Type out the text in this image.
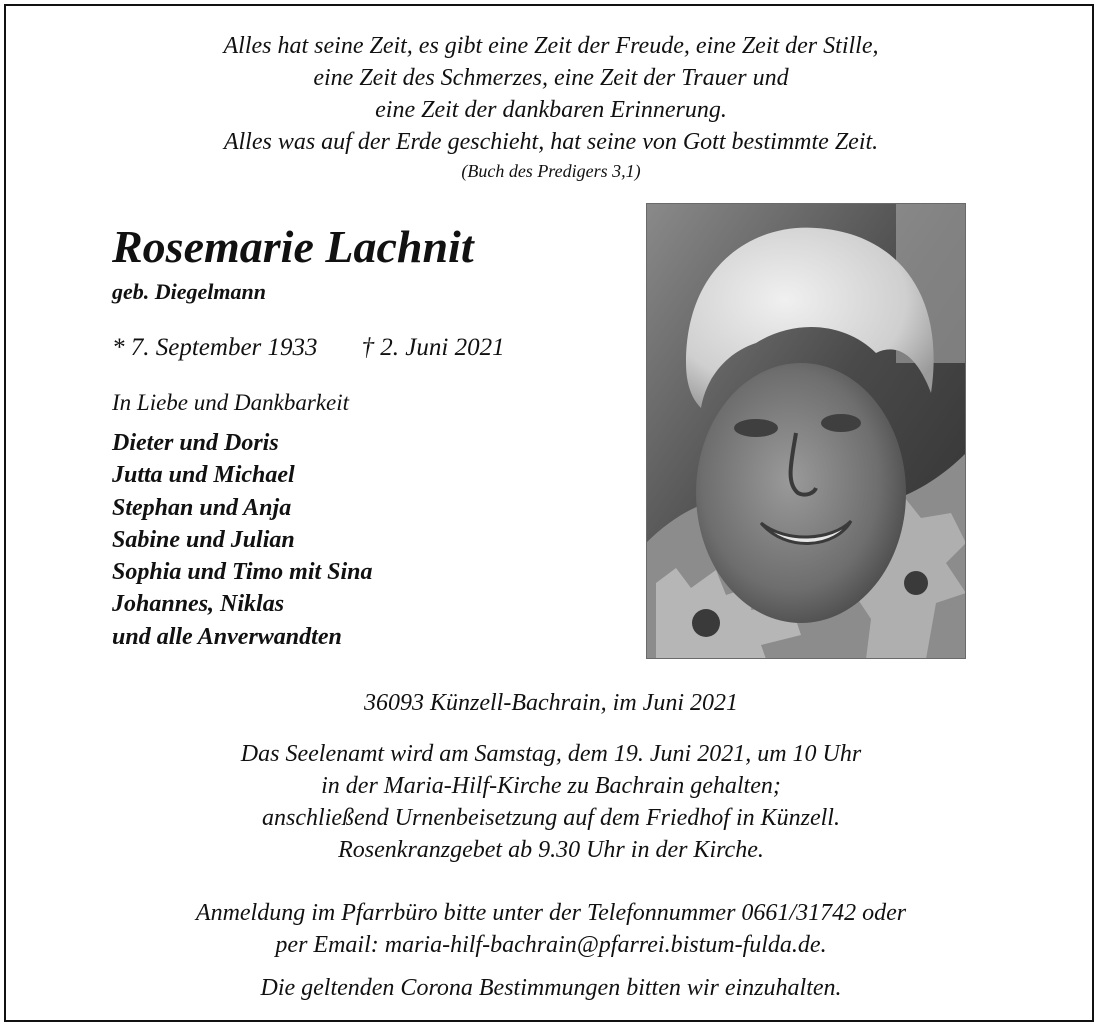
Alles hat seine Zeit, es gibt eine Zeit der Freude, eine Zeit der Stille,
eine Zeit des Schmerzes, eine Zeit der Trauer und
eine Zeit der dankbaren Erinnerung.
Alles was auf der Erde geschieht, hat seine von Gott bestimmte Zeit.
(Buch des Predigers 3,1)
Rosemarie Lachnit
geb. Diegelmann
* 7. September 1933 † 2. Juni 2021
In Liebe und Dankbarkeit
Dieter und Doris
Jutta und Michael
Stephan und Anja
Sabine und Julian
Sophia und Timo mit Sina
Johannes, Niklas
und alle Anverwandten
36093 Künzell-Bachrain, im Juni 2021
Das Seelenamt wird am Samstag, dem 19. Juni 2021, um 10 Uhr
in der Maria-Hilf-Kirche zu Bachrain gehalten;
anschließend Urnenbeisetzung auf dem Friedhof in Künzell.
Rosenkranzgebet ab 9.30 Uhr in der Kirche.
Anmeldung im Pfarrbüro bitte unter der Telefonnummer 0661/31742 oder
per Email: maria-hilf-bachrain@pfarrei.bistum-fulda.de.
Die geltenden Corona Bestimmungen bitten wir einzuhalten.
